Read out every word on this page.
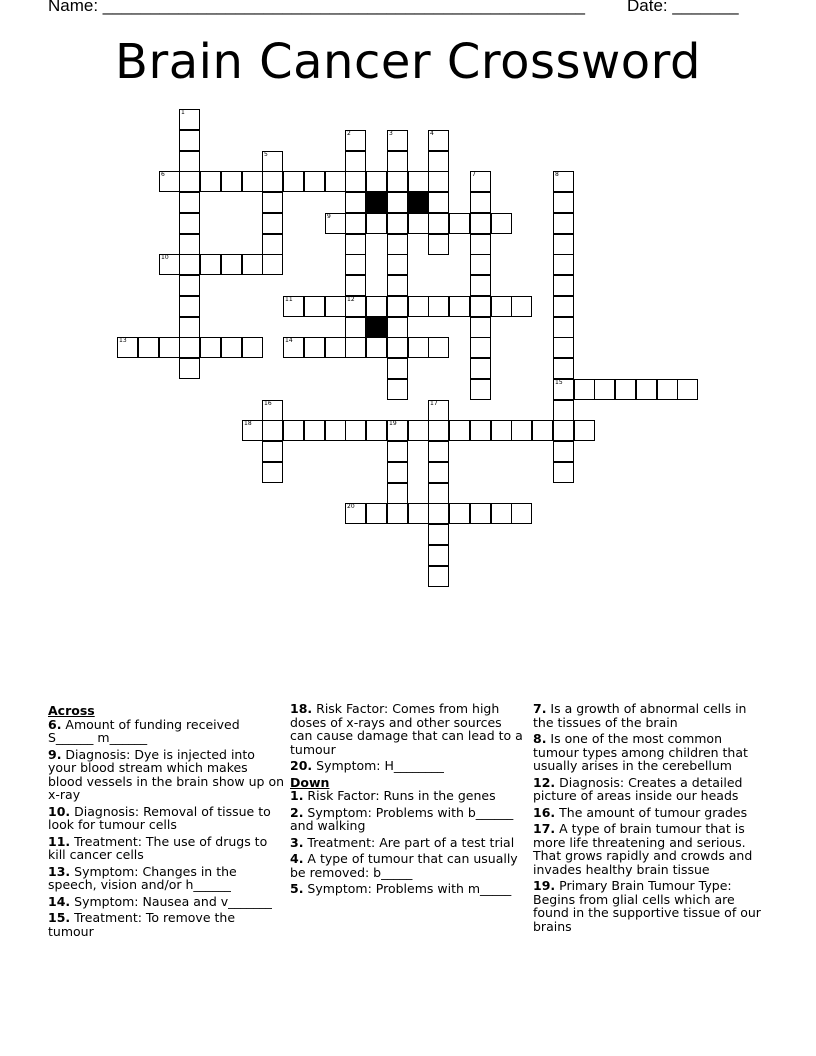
Name: ___________________________________________________ Date: _______
Brain Cancer Crossword
1
2	3	4
5
6	7	8
9
10
11
13	14
16	17
18	19
20
12
15
Across
6. Amount of funding received S______ m______
9. Diagnosis: Dye is injected into your blood stream which makes blood vessels in the brain show up on x-ray
10. Diagnosis: Removal of tissue to look for tumour cells
11. Treatment: The use of drugs to kill cancer cells
13. Symptom: Changes in the speech, vision and/or h______
14. Symptom: Nausea and v_______
15. Treatment: To remove the tumour
18. Risk Factor: Comes from high doses of x-rays and other sources can cause damage that can lead to a tumour
20. Symptom: H________
Down
1. Risk Factor: Runs in the genes
2. Symptom: Problems with b______ and walking
3. Treatment: Are part of a test trial
4. A type of tumour that can usually be removed: b_____
5. Symptom: Problems with m_____
7. Is a growth of abnormal cells in the tissues of the brain
8. Is one of the most common tumour types among children that usually arises in the cerebellum
12. Diagnosis: Creates a detailed picture of areas inside our heads
16. The amount of tumour grades
17. A type of brain tumour that is more life threatening and serious. That grows rapidly and crowds and invades healthy brain tissue
19. Primary Brain Tumour Type: Begins from glial cells which are found in the supportive tissue of our brains
